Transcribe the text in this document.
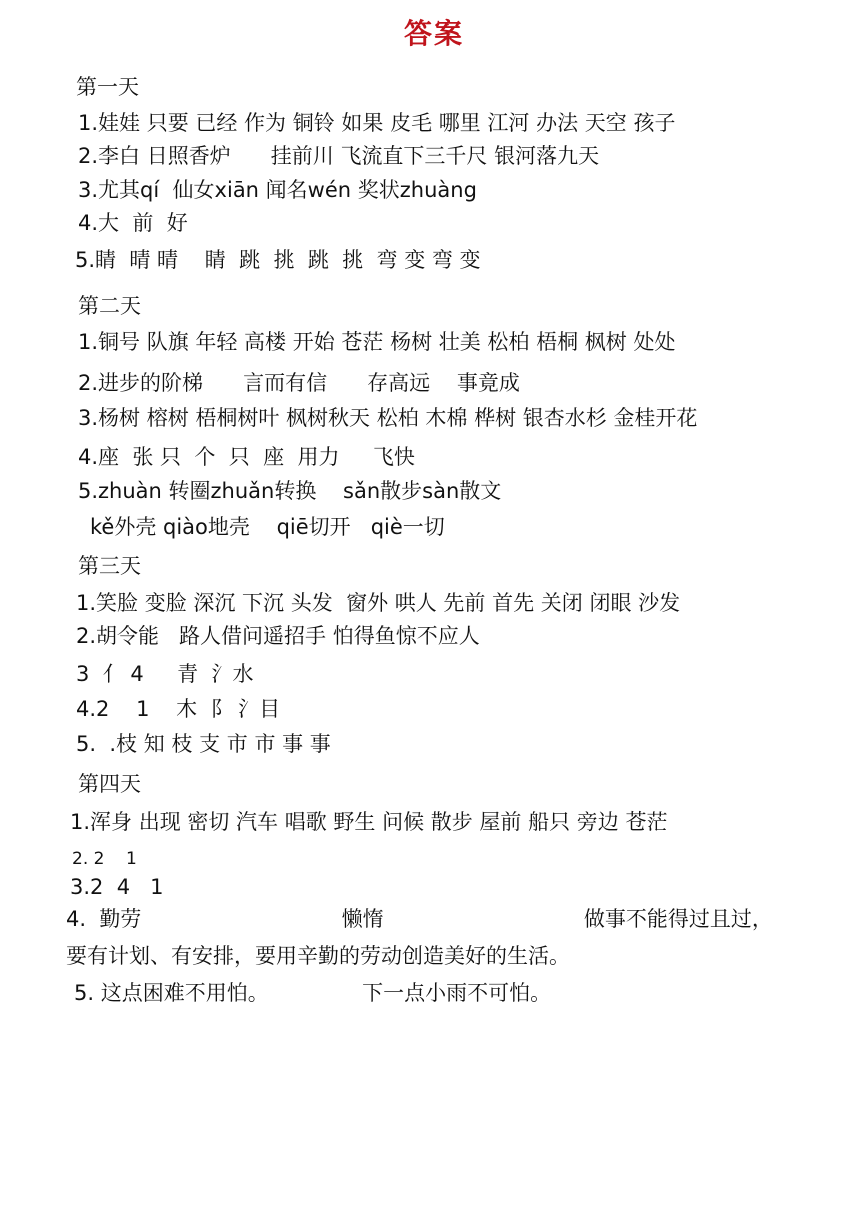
答案
第一天
1.娃娃 只要 已经 作为 铜铃 如果 皮毛 哪里 江河 办法 天空 孩子
2.李白 日照香炉      挂前川 飞流直下三千尺 银河落九天
3.尤其qí  仙女xiān 闻名wén 奖状zhuàng
4.大  前  好
5.睛  晴 晴    睛  跳  挑  跳  挑  弯 变 弯 变
第二天
1.铜号 队旗 年轻 高楼 开始 苍茫 杨树 壮美 松柏 梧桐 枫树 处处
2.进步的阶梯      言而有信      存高远    事竟成
3.杨树 榕树 梧桐树叶 枫树秋天 松柏 木棉 桦树 银杏水杉 金桂开花
4.座  张 只  个  只  座  用力     飞快
5.zhuàn 转圈zhuǎn转换    sǎn散步sàn散文
kě外壳 qiào地壳    qiē切开   qiè一切
第三天
1.笑脸 变脸 深沉 下沉 头发  窗外 哄人 先前 首先 关闭 闭眼 沙发
2.胡令能   路人借问遥招手 怕得鱼惊不应人
3  亻 4     青  氵水
4.2    1    木  阝 氵目
5.  .枝 知 枝 支 市 市 事 事
第四天
1.浑身 出现 密切 汽车 唱歌 野生 问候 散步 屋前 船只 旁边 苍茫
2. 2    1
3.2  4   1
4.  勤劳                              懒惰                              做事不能得过且过，
要有计划、有安排，要用辛勤的劳动创造美好的生活。
5. 这点困难不用怕。              下一点小雨不可怕。
